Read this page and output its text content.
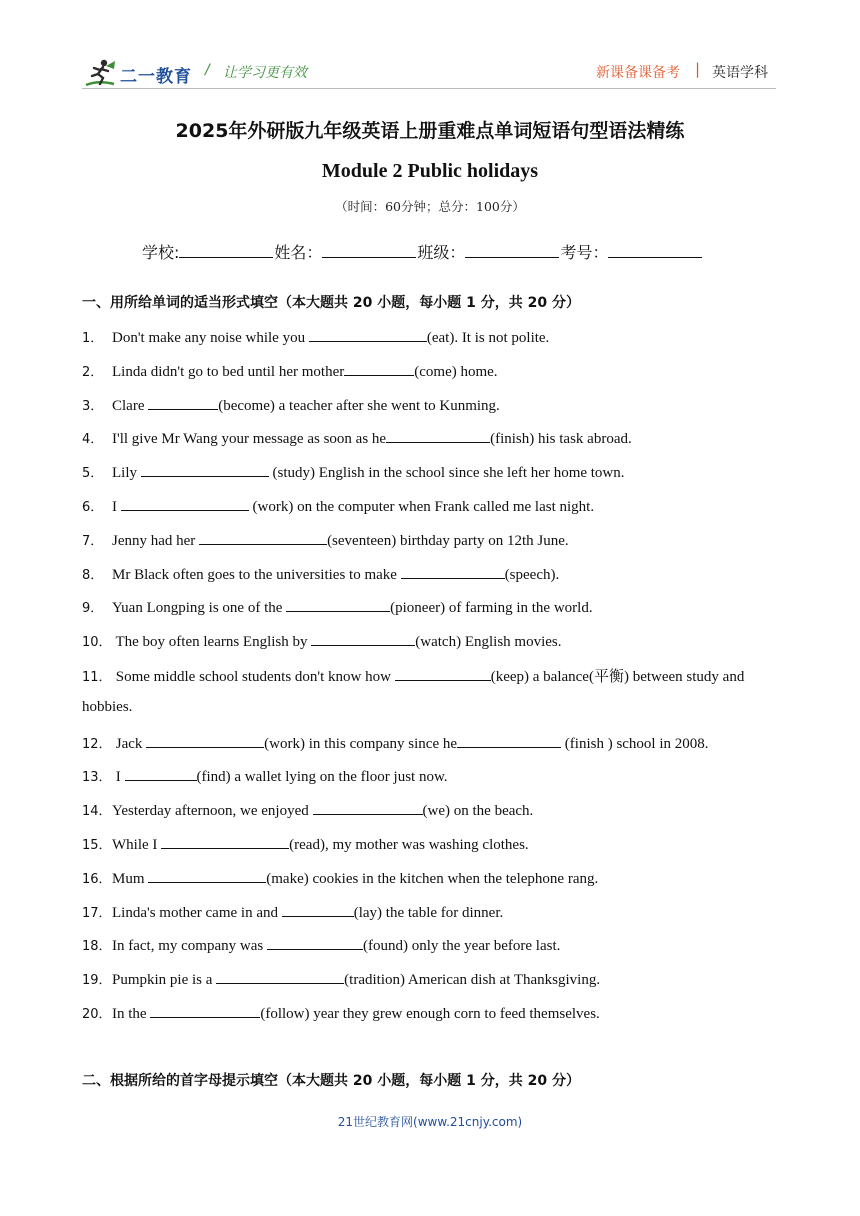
二一教育 / 让学习更有效	新课备课备考 | 英语学科
2025年外研版九年级英语上册重难点单词短语句型语法精练
Module 2 Public holidays
（时间：60分钟；总分：100分）
学校:	姓名：	班级：	考号：
一、用所给单词的适当形式填空（本大题共 20 小题，每小题 1 分，共 20 分）
1． Don't make any noise while you	(eat). It is not polite.
2． Linda didn't go to bed until her mother	(come) home.
3． Clare	(become) a teacher after she went to Kunming.
4． I'll give Mr Wang your message as soon as he	(finish) his task abroad.
5． Lily	(study) English in the school since she left her home town.
6． I	(work) on the computer when Frank called me last night.
7． Jenny had her	(seventeen) birthday party on 12th June.
8． Mr Black often goes to the universities to make	(speech).
9． Yuan Longping is one of the	(pioneer) of farming in the world.
10． The boy often learns English by	(watch) English movies.
11． Some middle school students don't know how	(keep) a balance(平衡) between study and
hobbies.
12． Jack	(work) in this company since he	(finish ) school in 2008.
13． I	(find) a wallet lying on the floor just now.
14．Yesterday afternoon, we enjoyed	(we) on the beach.
15．While I	(read), my mother was washing clothes.
16．Mum	(make) cookies in the kitchen when the telephone rang.
17．Linda's mother came in and	(lay) the table for dinner.
18．In fact, my company was	(found) only the year before last.
19．Pumpkin pie is a	(tradition) American dish at Thanksgiving.
20．In the	(follow) year they grew enough corn to feed themselves.
二、根据所给的首字母提示填空（本大题共 20 小题，每小题 1 分，共 20 分）
21世纪教育网(www.21cnjy.com)
